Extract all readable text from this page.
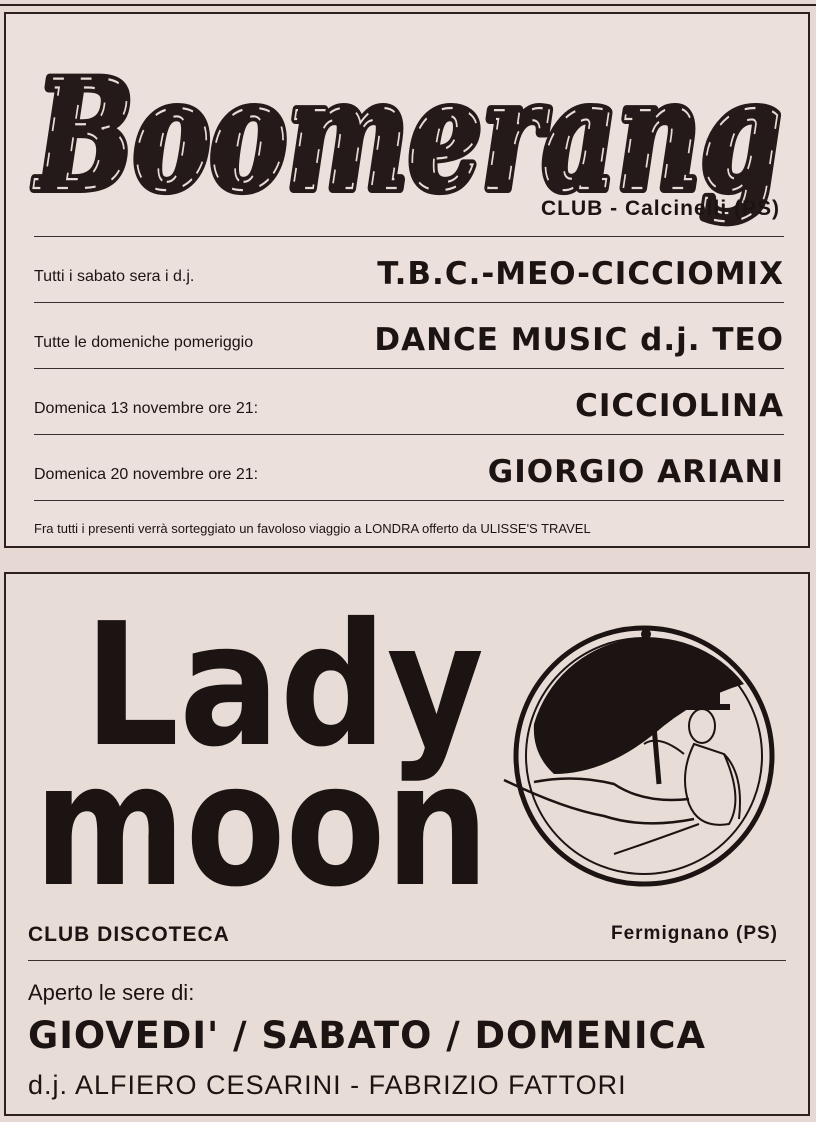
Boomerang
Boomerang
CLUB - Calcinelli (PS)
Tutti i sabato sera i d.j.	T.B.C.-MEO-CICCIOMIX
Tutte le domeniche pomeriggio	DANCE MUSIC d.j. TEO
Domenica 13 novembre ore 21:	CICCIOLINA
Domenica 20 novembre ore 21:	GIORGIO ARIANI
Fra tutti i presenti verrà sorteggiato un favoloso viaggio a LONDRA offerto da ULISSE'S TRAVEL
Lady
moon
CLUB DISCOTECA	Fermignano (PS)
Aperto le sere di:
GIOVEDI' / SABATO / DOMENICA
d.j. ALFIERO CESARINI - FABRIZIO FATTORI
